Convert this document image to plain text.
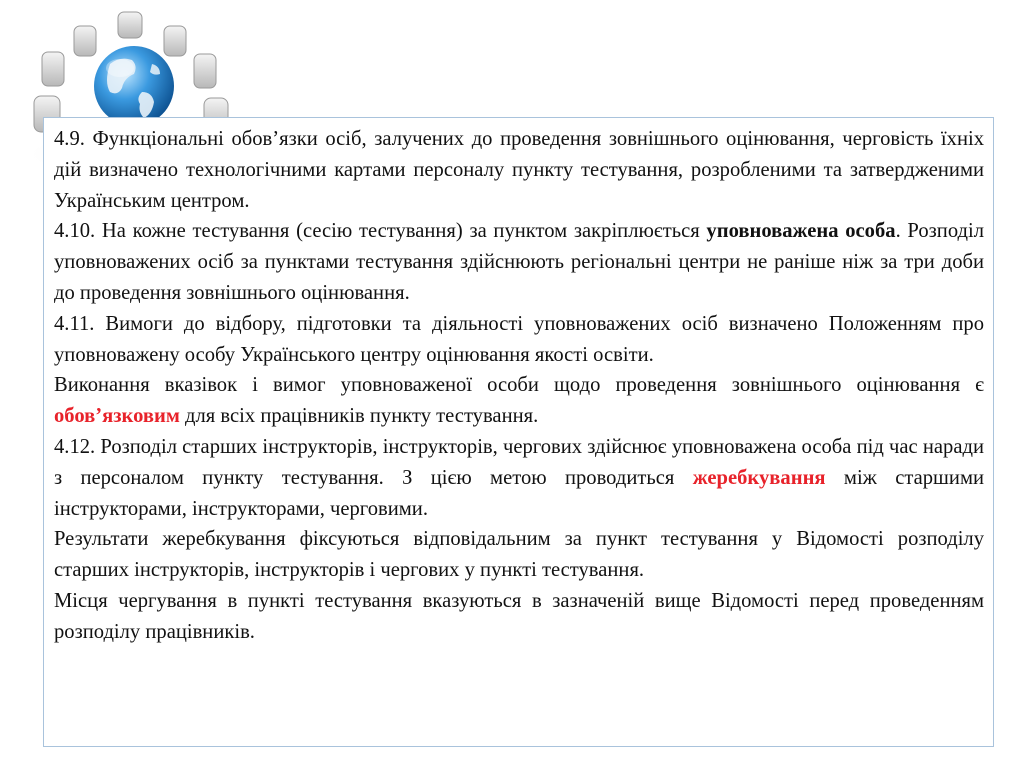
4.9. Функціональні обов’язки осіб, залучених до проведення зовнішнього оцінювання, черговість їхніх дій визначено технологічними картами персоналу пункту тестування, розробленими та затвердженими Українським центром.

4.10. На кожне тестування (сесію тестування) за пунктом закріплюється уповноважена особа. Розподіл уповноважених осіб за пунктами тестування здійснюють регіональні центри не раніше ніж за три доби до проведення зовнішнього оцінювання.

4.11. Вимоги до відбору, підготовки та діяльності уповноважених осіб визначено Положенням про уповноважену особу Українського центру оцінювання якості освіти.

Виконання вказівок і вимог уповноваженої особи щодо проведення зовнішнього оцінювання є обов’язковим для всіх працівників пункту тестування.

4.12. Розподіл старших інструкторів, інструкторів, чергових здійснює уповноважена особа під час наради з персоналом пункту тестування. З цією метою проводиться жеребкування між старшими інструкторами, інструкторами, черговими.

Результати жеребкування фіксуються відповідальним за пункт тестування у Відомості розподілу старших інструкторів, інструкторів і чергових у пункті тестування.

Місця чергування в пункті тестування вказуються в зазначеній вище Відомості перед проведенням розподілу працівників.
